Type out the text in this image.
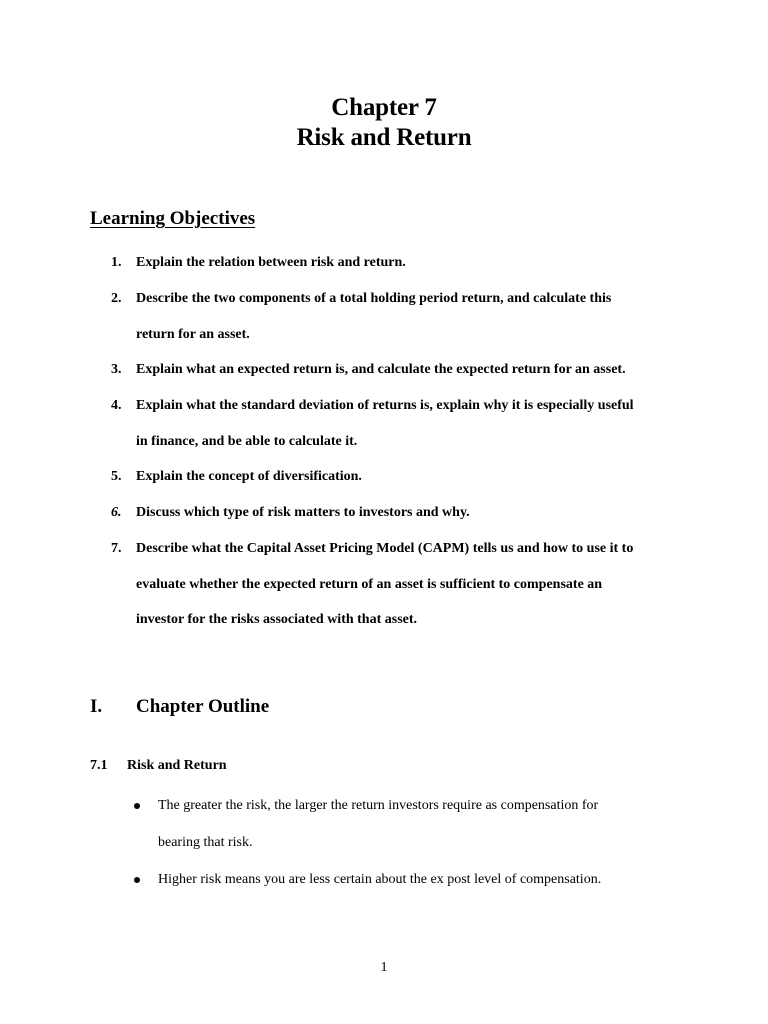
Chapter 7
Risk and Return
Learning Objectives
1.	Explain the relation between risk and return.
2.	Describe the two components of a total holding period return, and calculate this
return for an asset.
3.	Explain what an expected return is, and calculate the expected return for an asset.
4.	Explain what the standard deviation of returns is, explain why it is especially useful
in finance, and be able to calculate it.
5.	Explain the concept of diversification.
6.	Discuss which type of risk matters to investors and why.
7.	Describe what the Capital Asset Pricing Model (CAPM) tells us and how to use it to
evaluate whether the expected return of an asset is sufficient to compensate an
investor for the risks associated with that asset.
I. Chapter Outline
7.1 Risk and Return
The greater the risk, the larger the return investors require as compensation for
bearing that risk.
Higher risk means you are less certain about the ex post level of compensation.
1
